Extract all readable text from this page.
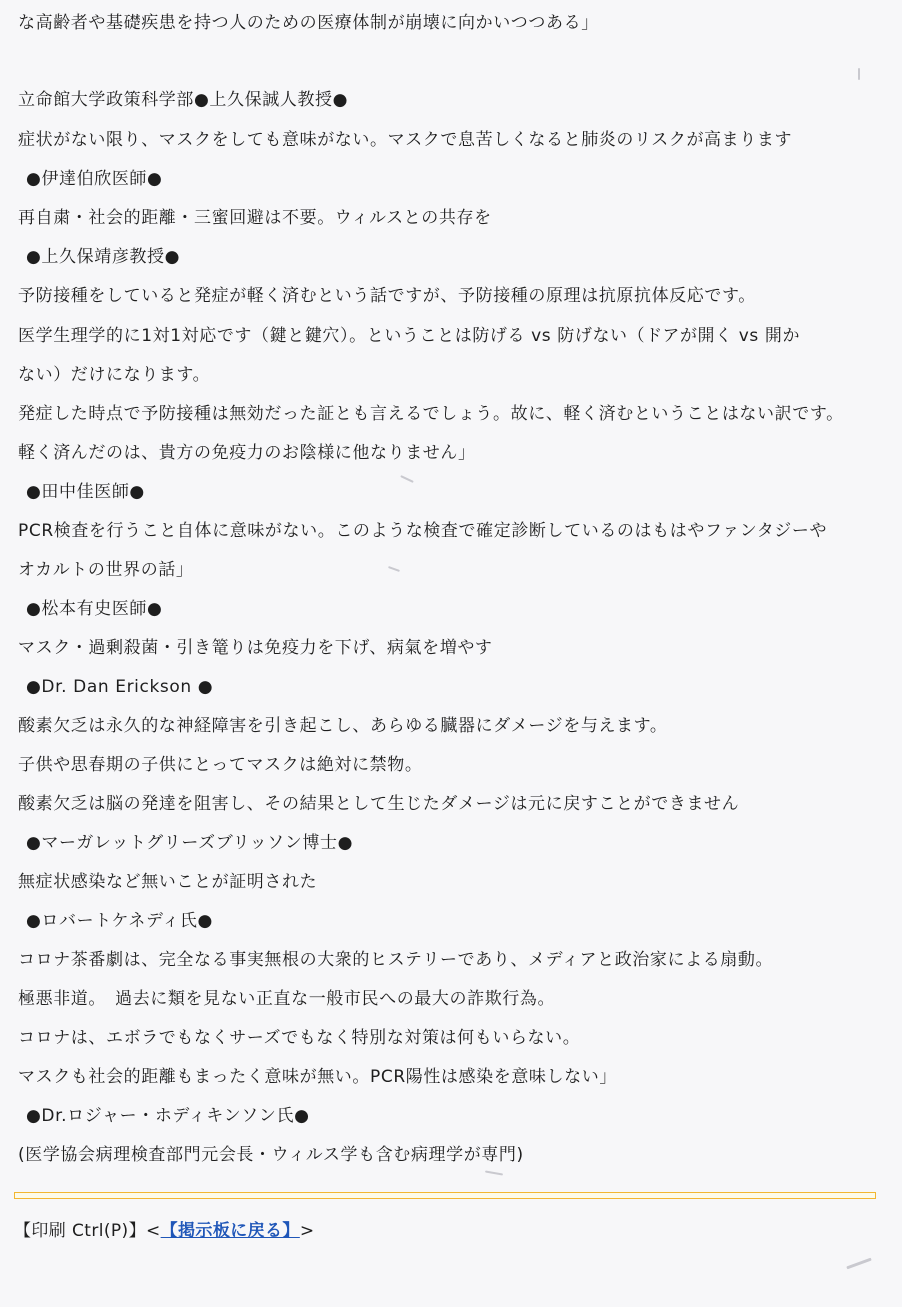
な高齢者や基礎疾患を持つ人のための医療体制が崩壊に向かいつつある」
立命館大学政策科学部●上久保誠人教授●
症状がない限り、マスクをしても意味がない。マスクで息苦しくなると肺炎のリスクが高まります
●伊達伯欣医師●
再自粛・社会的距離・三蜜回避は不要。ウィルスとの共存を
●上久保靖彦教授●
予防接種をしていると発症が軽く済むという話ですが、予防接種の原理は抗原抗体反応です。
医学生理学的に1対1対応です（鍵と鍵穴）。ということは防げる vs 防げない（ドアが開く vs 開か
ない）だけになります。
発症した時点で予防接種は無効だった証とも言えるでしょう。故に、軽く済むということはない訳です。
軽く済んだのは、貴方の免疫力のお陰様に他なりません」
●田中佳医師●
PCR検査を行うこと自体に意味がない。このような検査で確定診断しているのはもはやファンタジーや
オカルトの世界の話」
●松本有史医師●
マスク・過剰殺菌・引き篭りは免疫力を下げ、病氣を増やす
●Dr. Dan Erickson ●
酸素欠乏は永久的な神経障害を引き起こし、あらゆる臓器にダメージを与えます。
子供や思春期の子供にとってマスクは絶対に禁物。
酸素欠乏は脳の発達を阻害し、その結果として生じたダメージは元に戻すことができません
●マーガレットグリーズブリッソン博士●
無症状感染など無いことが証明された
●ロバートケネディ氏●
コロナ茶番劇は、完全なる事実無根の大衆的ヒステリーであり、メディアと政治家による扇動。
極悪非道。　過去に類を見ない正直な一般市民への最大の詐欺行為。
コロナは、エボラでもなくサーズでもなく特別な対策は何もいらない。
マスクも社会的距離もまったく意味が無い。PCR陽性は感染を意味しない」
●Dr.ロジャー・ホディキンソン氏●
(医学協会病理検査部門元会長・ウィルス学も含む病理学が専門)
【印刷 Ctrl(P)】<【掲示板に戻る】>
